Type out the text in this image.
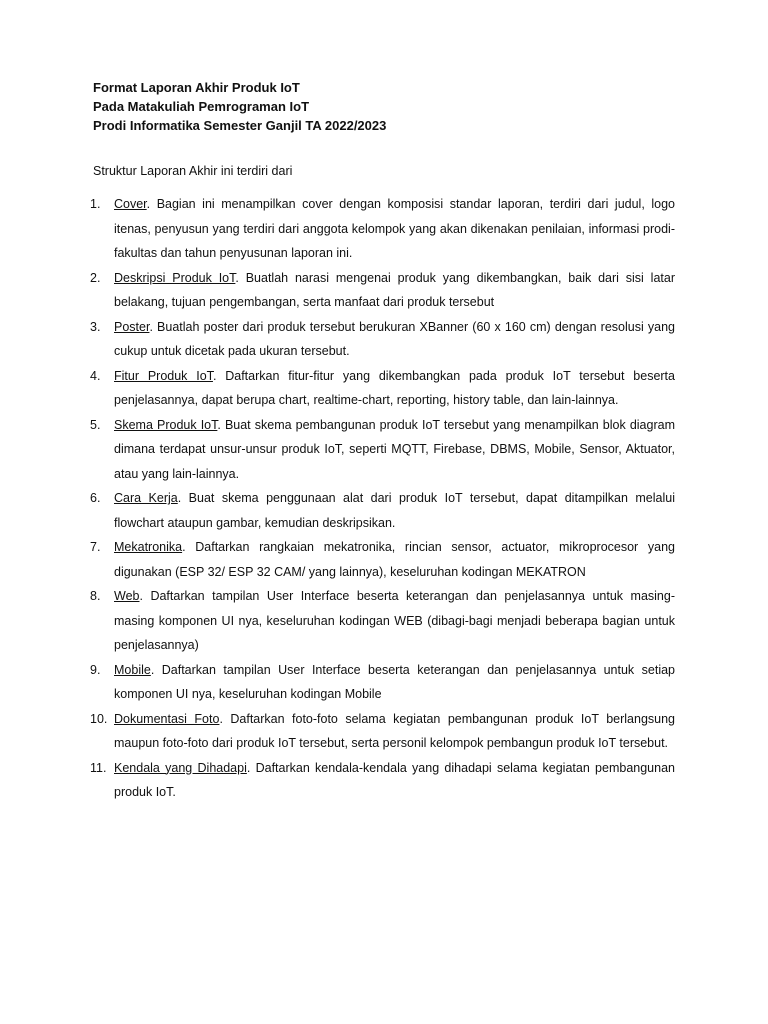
Format Laporan Akhir Produk IoT
Pada Matakuliah Pemrograman IoT
Prodi Informatika Semester Ganjil TA 2022/2023
Struktur Laporan Akhir ini terdiri dari
1. Cover. Bagian ini menampilkan cover dengan komposisi standar laporan, terdiri dari judul, logo itenas, penyusun yang terdiri dari anggota kelompok yang akan dikenakan penilaian, informasi prodi-fakultas dan tahun penyusunan laporan ini.
2. Deskripsi Produk IoT. Buatlah narasi mengenai produk yang dikembangkan, baik dari sisi latar belakang, tujuan pengembangan, serta manfaat dari produk tersebut
3. Poster. Buatlah poster dari produk tersebut berukuran XBanner (60 x 160 cm) dengan resolusi yang cukup untuk dicetak pada ukuran tersebut.
4. Fitur Produk IoT. Daftarkan fitur-fitur yang dikembangkan pada produk IoT tersebut beserta penjelasannya, dapat berupa chart, realtime-chart, reporting, history table, dan lain-lainnya.
5. Skema Produk IoT. Buat skema pembangunan produk IoT tersebut yang menampilkan blok diagram dimana terdapat unsur-unsur produk IoT, seperti MQTT, Firebase, DBMS, Mobile, Sensor, Aktuator, atau yang lain-lainnya.
6. Cara Kerja. Buat skema penggunaan alat dari produk IoT tersebut, dapat ditampilkan melalui flowchart ataupun gambar, kemudian deskripsikan.
7. Mekatronika. Daftarkan rangkaian mekatronika, rincian sensor, actuator, mikroprocesor yang digunakan (ESP 32/ ESP 32 CAM/ yang lainnya), keseluruhan kodingan MEKATRON
8. Web. Daftarkan tampilan User Interface beserta keterangan dan penjelasannya untuk masing-masing komponen UI nya, keseluruhan kodingan WEB (dibagi-bagi menjadi beberapa bagian untuk penjelasannya)
9. Mobile. Daftarkan tampilan User Interface beserta keterangan dan penjelasannya untuk setiap komponen UI nya, keseluruhan kodingan Mobile
10. Dokumentasi Foto. Daftarkan foto-foto selama kegiatan pembangunan produk IoT berlangsung maupun foto-foto dari produk IoT tersebut, serta personil kelompok pembangun produk IoT tersebut.
11. Kendala yang Dihadapi. Daftarkan kendala-kendala yang dihadapi selama kegiatan pembangunan produk IoT.
